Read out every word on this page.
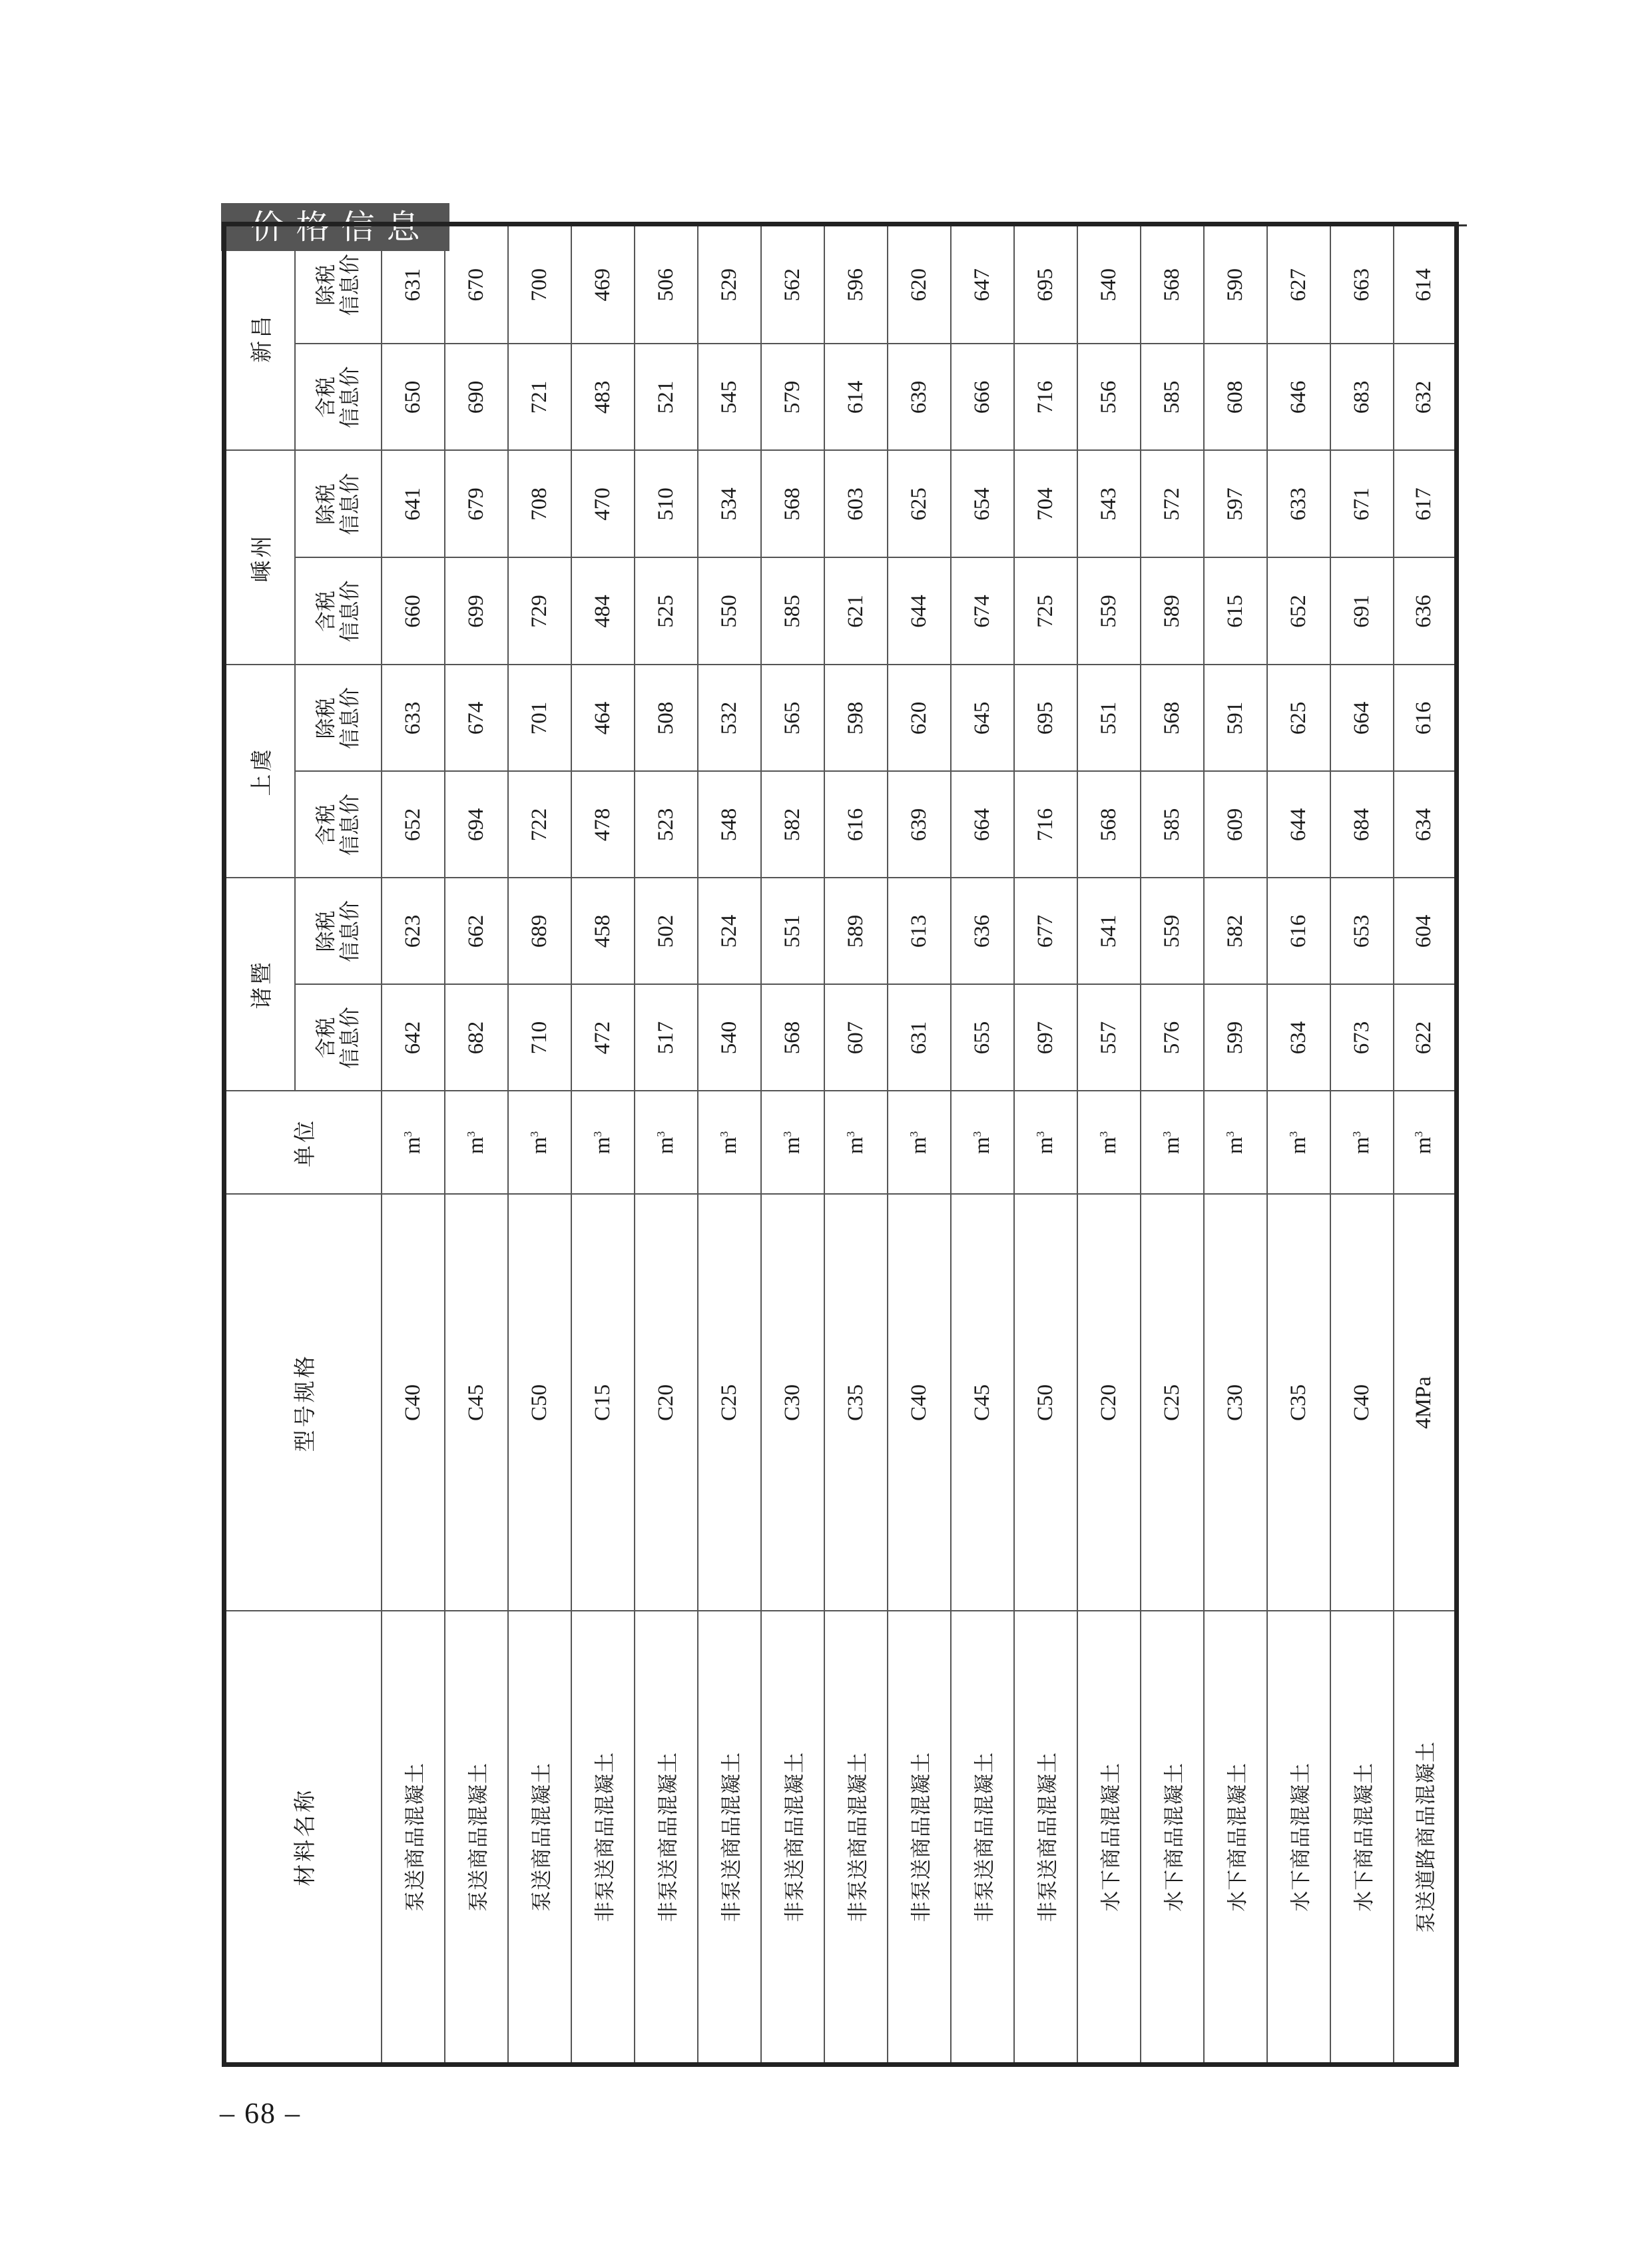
价格信息
材料名称	型号规格	单位	诸暨		上虞		嵊州		新昌	

			含税 信息价	除税 信息价	含税 信息价	除税 信息价	含税 信息价	除税 信息价	含税 信息价	除税 信息价

泵送商品混凝土	C40	$m^3$	642	623	652	633	660	641	650	631
泵送商品混凝土	C45	$m^3$	682	662	694	674	699	679	690	670
泵送商品混凝土	C50	$m^3$	710	689	722	701	729	708	721	700
非泵送商品混凝土	C15	$m^3$	472	458	478	464	484	470	483	469
非泵送商品混凝土	C20	$m^3$	517	502	523	508	525	510	521	506
非泵送商品混凝土	C25	$m^3$	540	524	548	532	550	534	545	529
非泵送商品混凝土	C30	$m^3$	568	551	582	565	585	568	579	562
非泵送商品混凝土	C35	$m^3$	607	589	616	598	621	603	614	596
非泵送商品混凝土	C40	$m^3$	631	613	639	620	644	625	639	620
非泵送商品混凝土	C45	$m^3$	655	636	664	645	674	654	666	647
非泵送商品混凝土	C50	$m^3$	697	677	716	695	725	704	716	695
水下商品混凝土	C20	$m^3$	557	541	568	551	559	543	556	540
水下商品混凝土	C25	$m^3$	576	559	585	568	589	572	585	568
水下商品混凝土	C30	$m^3$	599	582	609	591	615	597	608	590
水下商品混凝土	C35	$m^3$	634	616	644	625	652	633	646	627
水下商品混凝土	C40	$m^3$	673	653	684	664	691	671	683	663
泵送道路商品混凝土	4MPa	$m^3$	622	604	634	616	636	617	632	614
– 68 –
